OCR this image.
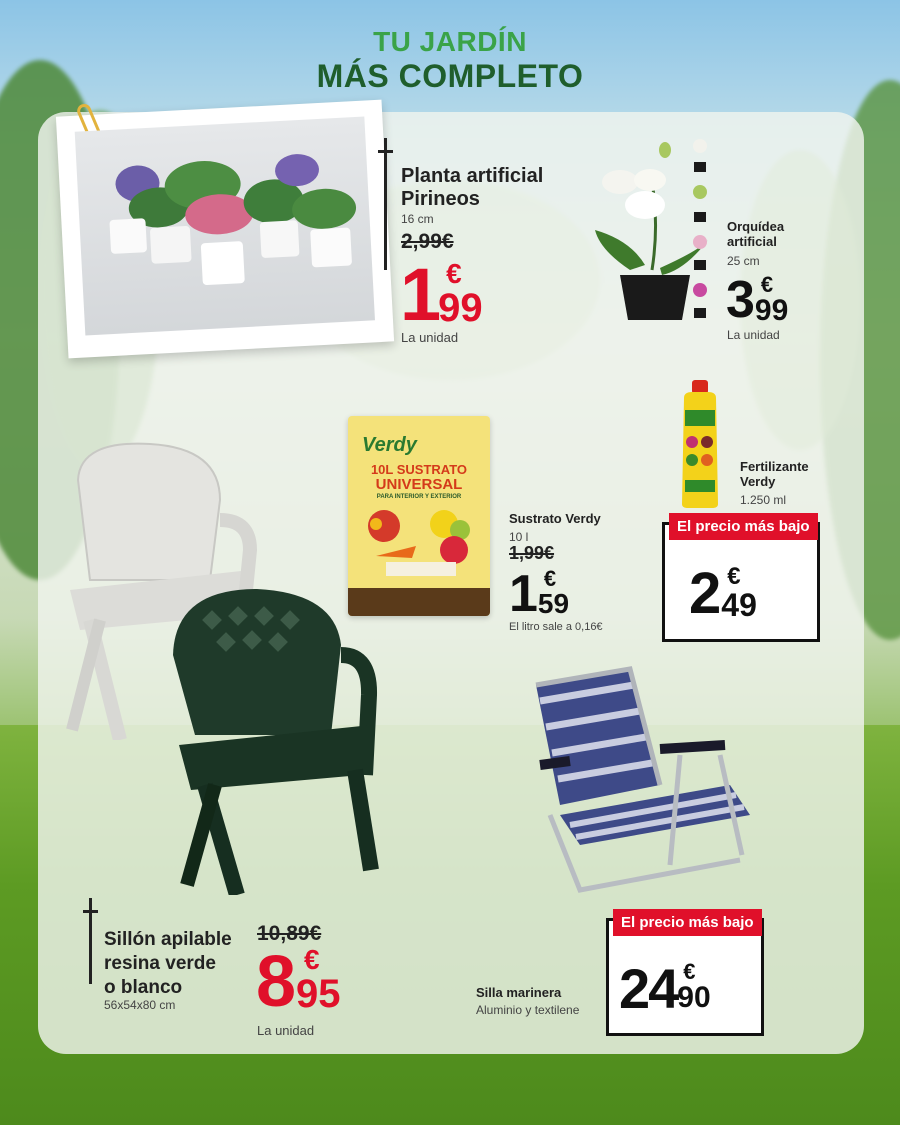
TU JARDÍN
MÁS COMPLETO
Planta artificial
Pirineos
16 cm
2,99€
1 €
99
La unidad
Orquídea
artificial
25 cm
3 €
99
La unidad
Fertilizante
Verdy
1.250 ml
El precio más bajo
2 €
49
Verdy
10L SUSTRATO
UNIVERSAL
PARA INTERIOR Y EXTERIOR
Sustrato Verdy
10 l
1,99€
1 €
59
El litro sale a 0,16€
Sillón apilable
resina verde
o blanco
56x54x80 cm
10,89€
8 €
95
La unidad
Silla marinera
Aluminio y textilene
El precio más bajo
24 €
90
